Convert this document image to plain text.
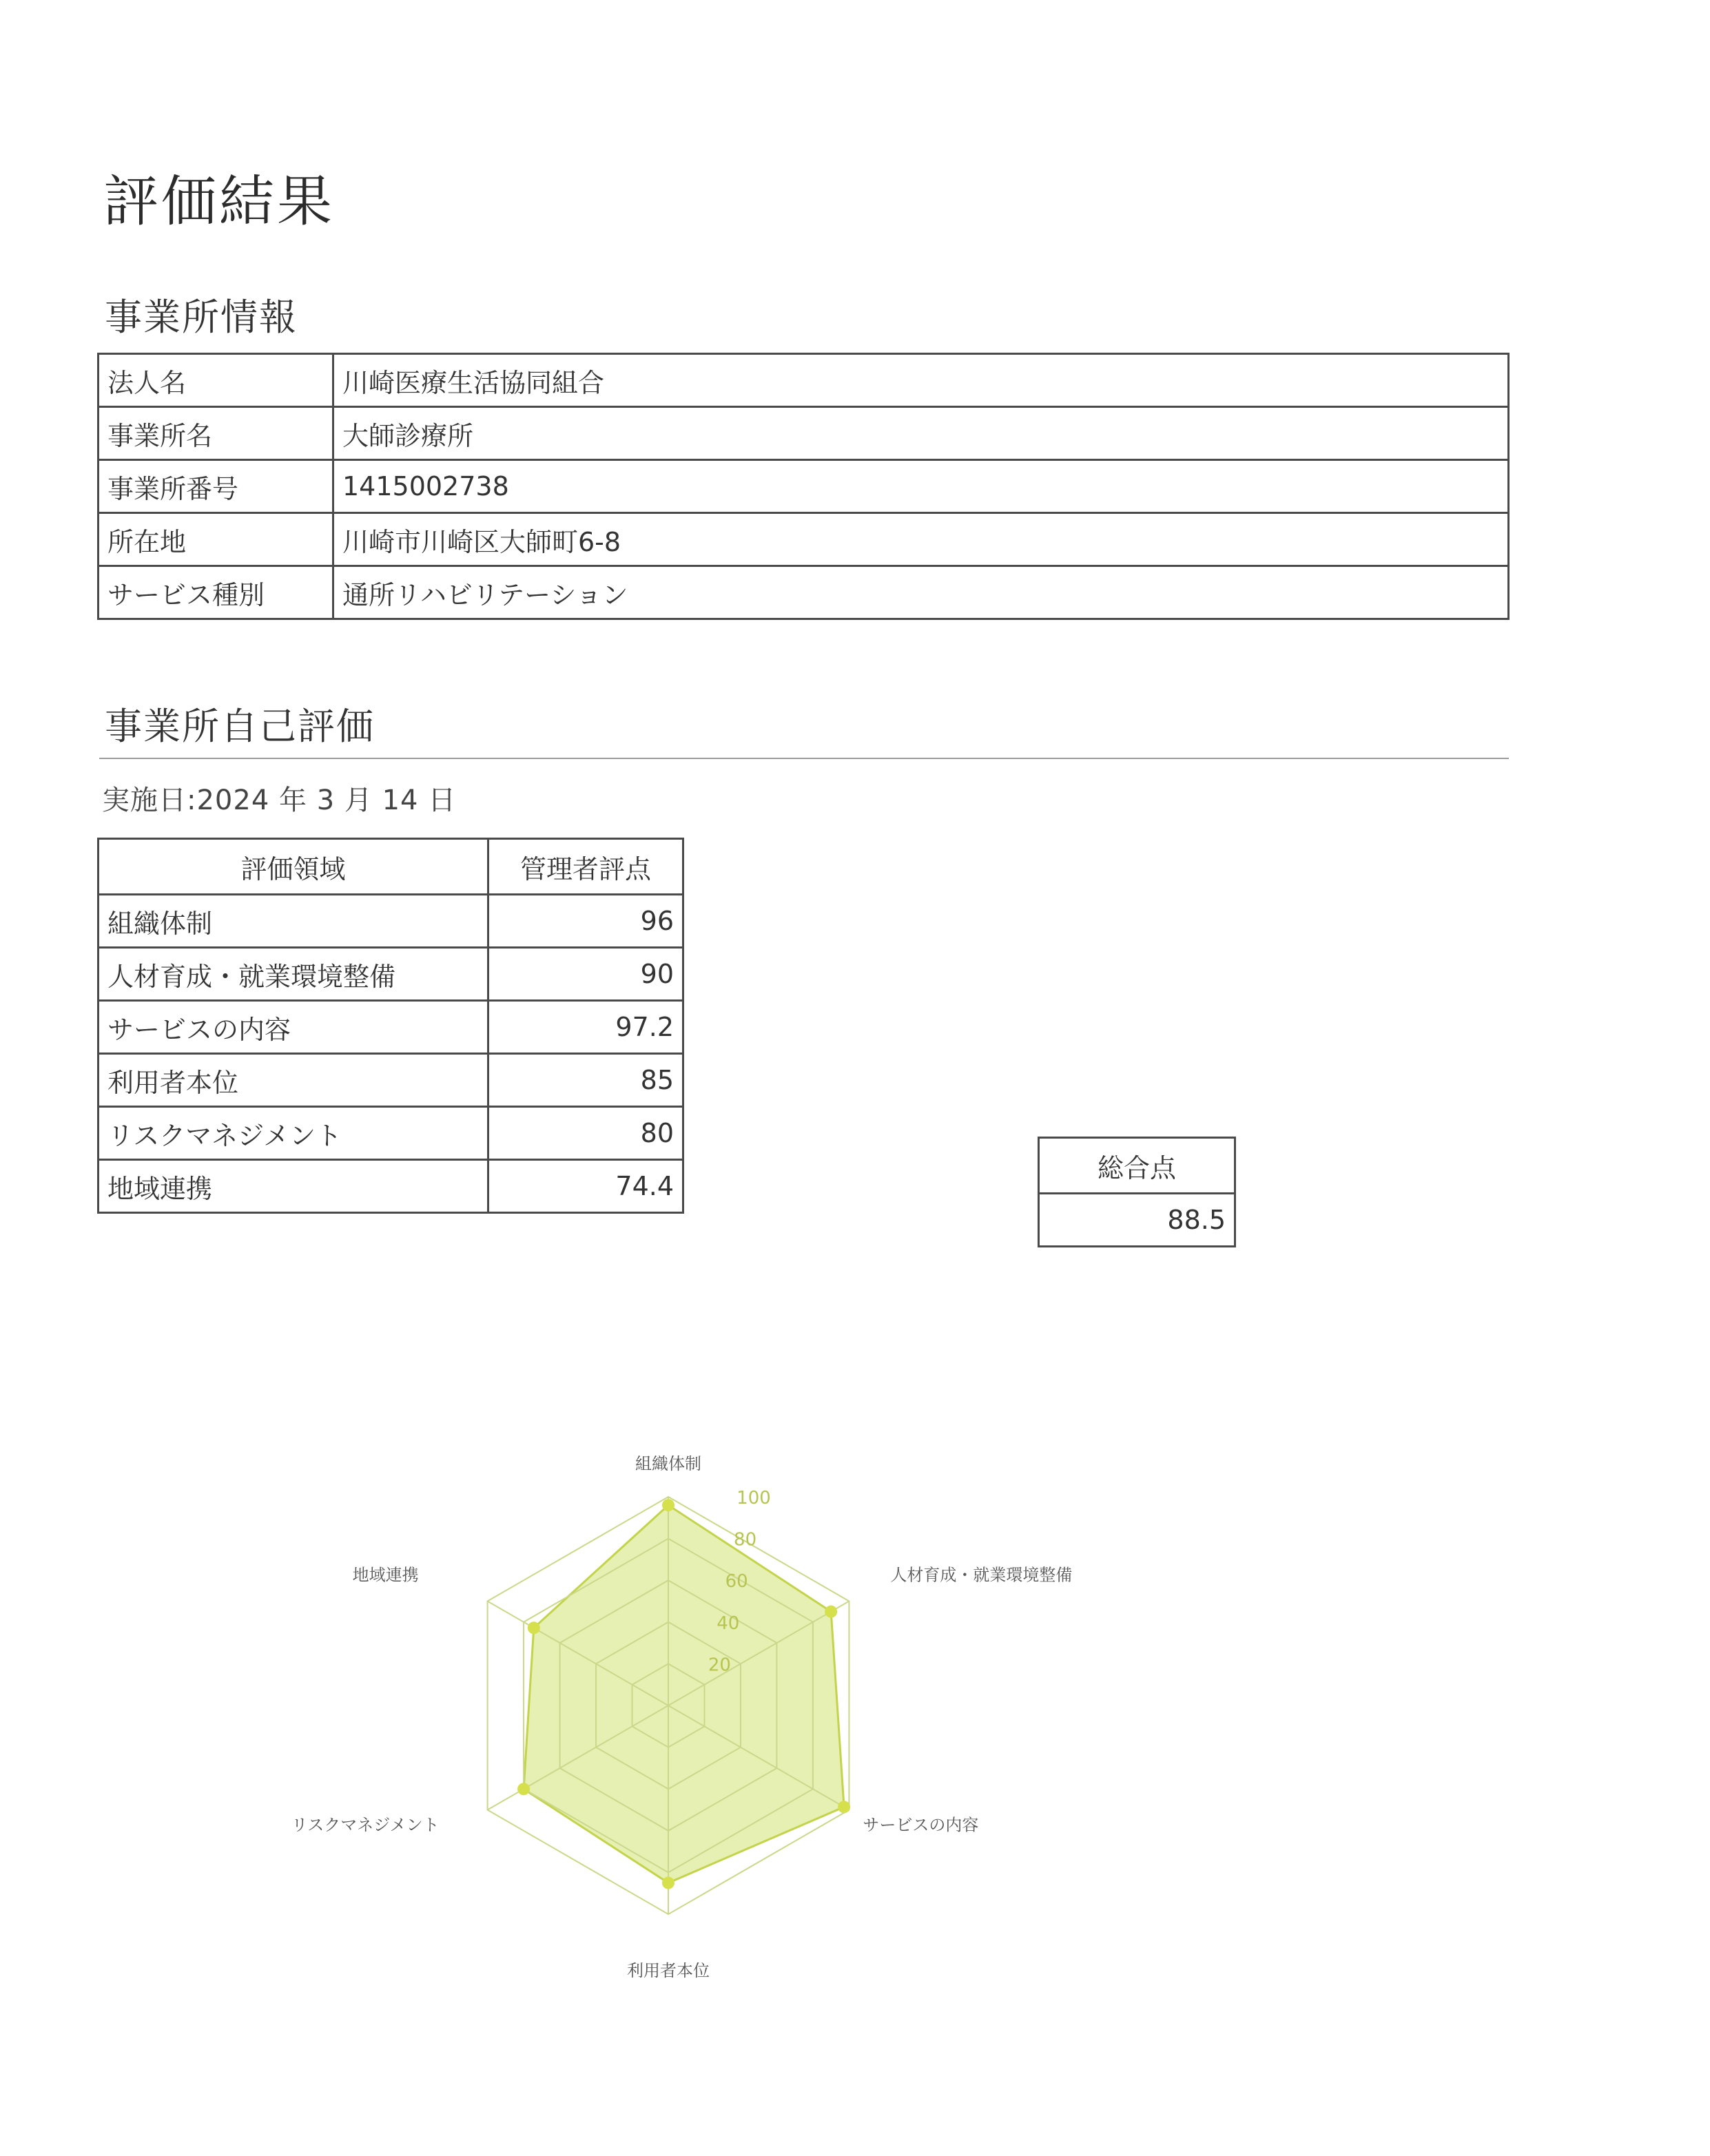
評価結果
事業所情報
法人名	川崎医療生活協同組合
事業所名	大師診療所
事業所番号	1415002738
所在地	川崎市川崎区大師町6-8
サービス種別	通所リハビリテーション
事業所自己評価
実施日:2024 年 3 月 14 日
評価領域	管理者評点
組織体制	96
人材育成・就業環境整備	90
サービスの内容	97.2
利用者本位	85
リスクマネジメント	80
地域連携	74.4
総合点
88.5
20
40
60
80
100
組織体制
人材育成・就業環境整備
サービスの内容
利用者本位
リスクマネジメント
地域連携
